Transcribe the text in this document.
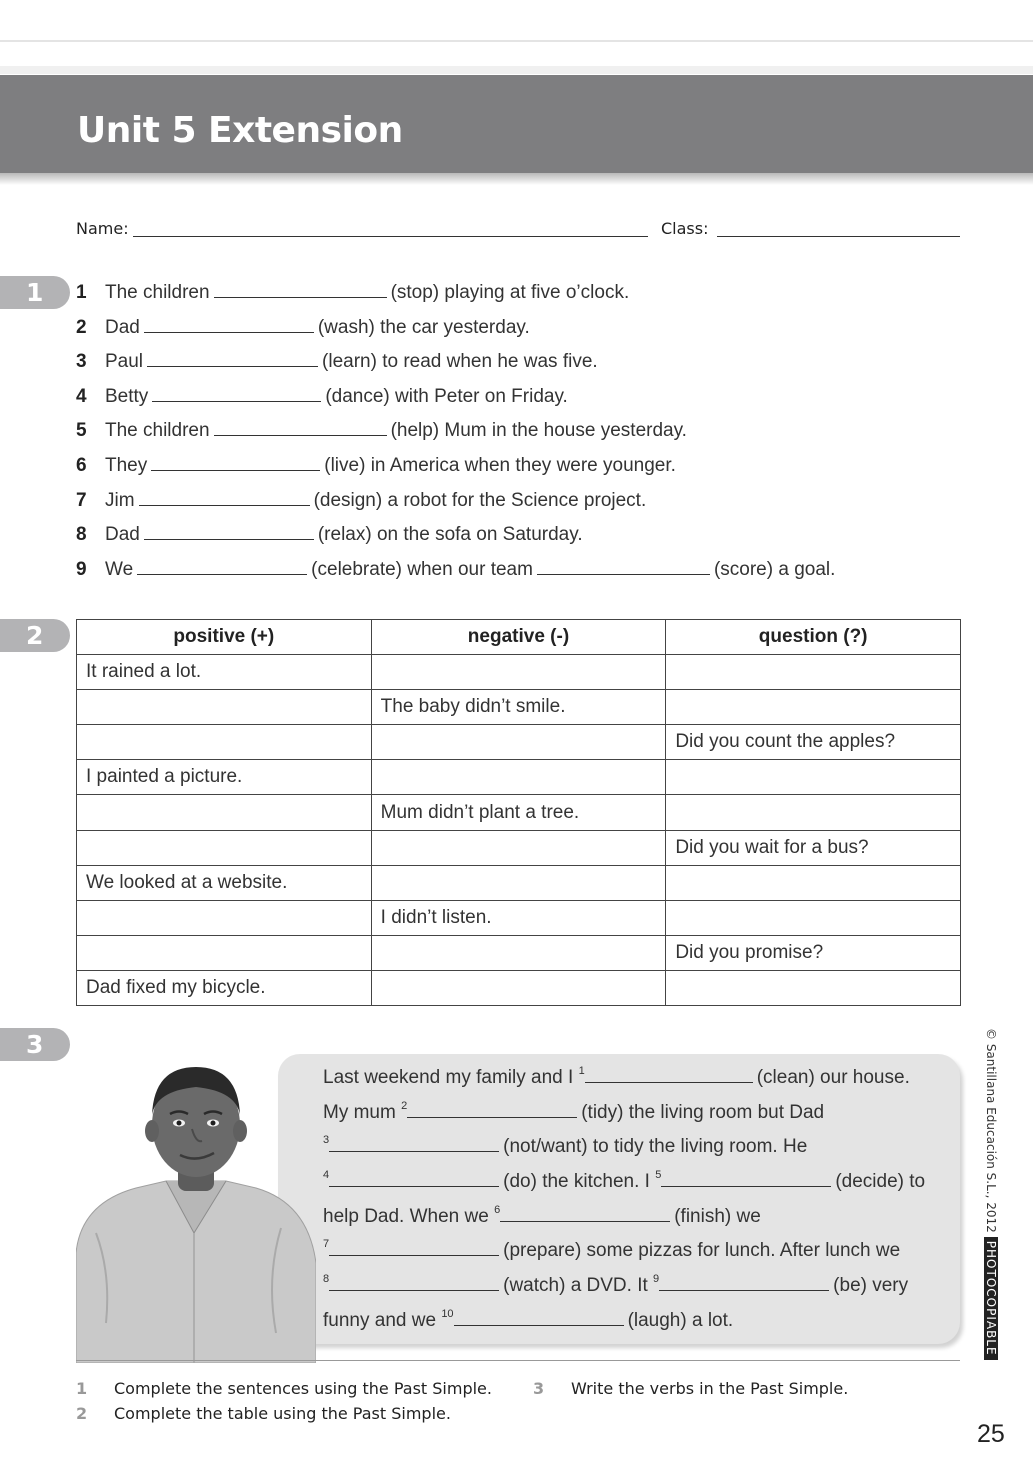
Unit 5 Extension
Name:	Class:
1	1 The children	(stop) playing at five o’clock.
2 Dad	(wash) the car yesterday.
3 Paul	(learn) to read when he was five.
4 Betty	(dance) with Peter on Friday.
5 The children	(help) Mum in the house yesterday.
6 They	(live) in America when they were younger.
7 Jim	(design) a robot for the Science project.
8 Dad	(relax) on the sofa on Saturday.
9 We	(celebrate) when our team	(score) a goal.
2	positive (+)	negative (-)	question (?)
It rained a lot.		
	The baby didn’t smile.	
		Did you count the apples?
I painted a picture.		
	Mum didn’t plant a tree.	
		Did you wait for a bus?
We looked at a website.		
	I didn’t listen.	
		Did you promise?
Dad fixed my bicycle.		
3
Last weekend my family and I $^1$	(clean) our house.
My mum $^2$	(tidy) the living room but Dad
$^3$	(not/want) to tidy the living room. He
$^4$	(do) the kitchen. I $^5$	(decide) to
help Dad. When we $^6$	(finish) we
$^7$	(prepare) some pizzas for lunch. After lunch we
$^8$	(watch) a DVD. It $^9$	(be) very
funny and we $^{10}$	(laugh) a lot.
© Santillana Educación S.L., 2012PHOTOCOPIABLE
1 Complete the sentences using the Past Simple.	3 Write the verbs in the Past Simple.
2 Complete the table using the Past Simple.
25
